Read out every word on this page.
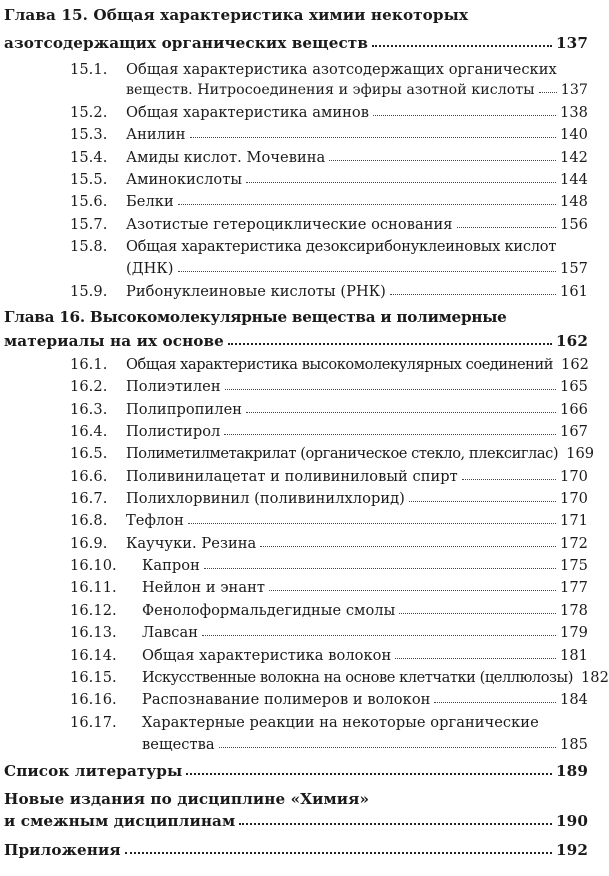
Глава 15. Общая характеристика химии некоторых
азотсодержащих органических веществ	137
15.1. Общая характеристика азотсодержащих органических
веществ. Нитросоединения и эфиры азотной кислоты 137
15.2. Общая характеристика аминов	138
15.3. Анилин	140
15.4. Амиды кислот. Мочевина	142
15.5. Аминокислоты	144
15.6. Белки	148
15.7. Азотистые гетероциклические основания	156
15.8. Общая характеристика дезоксирибонуклеиновых кислот
(ДНК)	157
15.9. Рибонуклеиновые кислоты (РНК)	161
Глава 16. Высокомолекулярные вещества и полимерные
материалы на их основе	162
16.1. Общая характеристика высокомолекулярных соединений 162
16.2. Полиэтилен	165
16.3. Полипропилен	166
16.4. Полистирол	167
16.5. Полиметилметакрилат (органическое стекло, плексиглас) 169
16.6. Поливинилацетат и поливиниловый спирт	170
16.7. Полихлорвинил (поливинилхлорид)	170
16.8. Тефлон	171
16.9. Каучуки. Резина	172
16.10.	Капрон	175
16.11.	Нейлон и энант	177
16.12.	Фенолоформальдегидные смолы	178
16.13.	Лавсан	179
16.14.	Общая характеристика волокон	181
16.15.	Искусственные волокна на основе клетчатки (целлюлозы) 182
16.16.	Распознавание полимеров и волокон	184
16.17.	Характерные реакции на некоторые органические
вещества	185
Список литературы	189
Новые издания по дисциплине «Химия»
и смежным дисциплинам	190
Приложения	192
